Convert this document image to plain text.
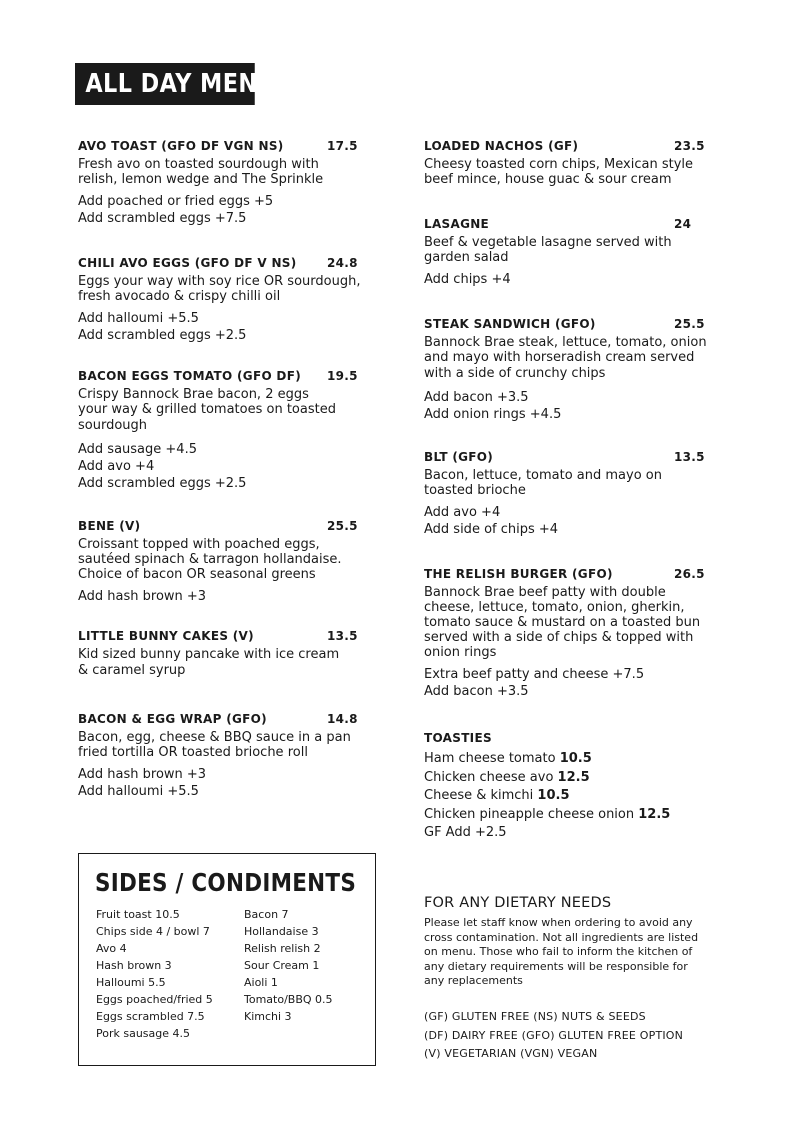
ALL DAY MENU
AVO TOAST (GFO DF VGN NS)	17.5
Fresh avo on toasted sourdough with
relish, lemon wedge and The Sprinkle
Add poached or fried eggs +5
Add scrambled eggs +7.5
CHILI AVO EGGS (GFO DF V NS)	24.8
Eggs your way with soy rice OR sourdough,
fresh avocado & crispy chilli oil
Add halloumi +5.5
Add scrambled eggs +2.5
BACON EGGS TOMATO (GFO DF) 19.5
Crispy Bannock Brae bacon, 2 eggs
your way & grilled tomatoes on toasted
sourdough
Add sausage +4.5
Add avo +4
Add scrambled eggs +2.5
BENE (V)	25.5
Croissant topped with poached eggs,
sautéed spinach & tarragon hollandaise.
Choice of bacon OR seasonal greens
Add hash brown +3
LITTLE BUNNY CAKES (V)	13.5
Kid sized bunny pancake with ice cream
& caramel syrup
BACON & EGG WRAP (GFO)	14.8
Bacon, egg, cheese & BBQ sauce in a pan
fried tortilla OR toasted brioche roll
Add hash brown +3
Add halloumi +5.5
LOADED NACHOS (GF)	23.5
Cheesy toasted corn chips, Mexican style
beef mince, house guac & sour cream
LASAGNE	24
Beef & vegetable lasagne served with
garden salad
Add chips +4
STEAK SANDWICH (GFO)	25.5
Bannock Brae steak, lettuce, tomato, onion
and mayo with horseradish cream served
with a side of crunchy chips
Add bacon +3.5
Add onion rings +4.5
BLT (GFO)	13.5
Bacon, lettuce, tomato and mayo on
toasted brioche
Add avo +4
Add side of chips +4
THE RELISH BURGER (GFO)	26.5
Bannock Brae beef patty with double
cheese, lettuce, tomato, onion, gherkin,
tomato sauce & mustard on a toasted bun
served with a side of chips & topped with
onion rings
Extra beef patty and cheese +7.5
Add bacon +3.5
TOASTIES
Ham cheese tomato 10.5
Chicken cheese avo 12.5
Cheese & kimchi 10.5
Chicken pineapple cheese onion 12.5
GF Add +2.5
SIDES / CONDIMENTS
Fruit toast 10.5
Chips side 4 / bowl 7
Avo 4
Hash brown 3
Halloumi 5.5
Eggs poached/fried 5
Eggs scrambled 7.5
Pork sausage 4.5
Bacon 7
Hollandaise 3
Relish relish 2
Sour Cream 1
Aioli 1
Tomato/BBQ 0.5
Kimchi 3
FOR ANY DIETARY NEEDS
Please let staff know when ordering to avoid any
cross contamination. Not all ingredients are listed
on menu. Those who fail to inform the kitchen of
any dietary requirements will be responsible for
any replacements
(GF) GLUTEN FREE (NS) NUTS & SEEDS
(DF) DAIRY FREE (GFO) GLUTEN FREE OPTION
(V) VEGETARIAN (VGN) VEGAN
